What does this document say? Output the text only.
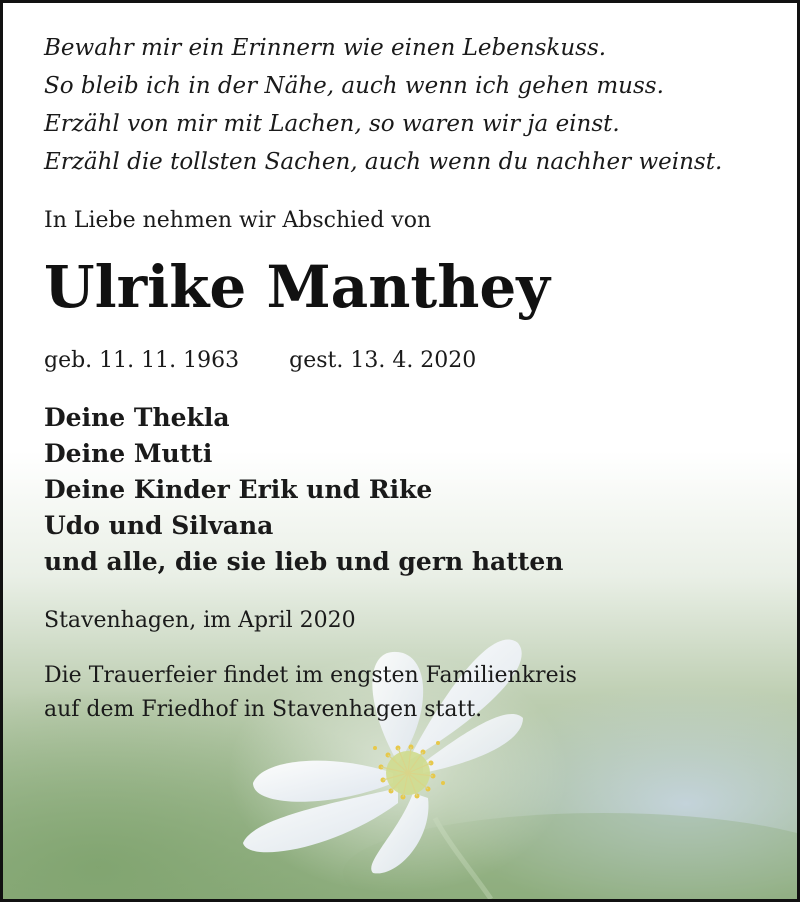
Bewahr mir ein Erinnern wie einen Lebenskuss.
So bleib ich in der Nähe, auch wenn ich gehen muss.
Erzähl von mir mit Lachen, so waren wir ja einst.
Erzähl die tollsten Sachen, auch wenn du nachher weinst.
In Liebe nehmen wir Abschied von
Ulrike Manthey
geb. 11. 11. 1963 gest. 13. 4. 2020
Deine Thekla
Deine Mutti
Deine Kinder Erik und Rike
Udo und Silvana
und alle, die sie lieb und gern hatten
Stavenhagen, im April 2020
Die Trauerfeier findet im engsten Familienkreis
auf dem Friedhof in Stavenhagen statt.
